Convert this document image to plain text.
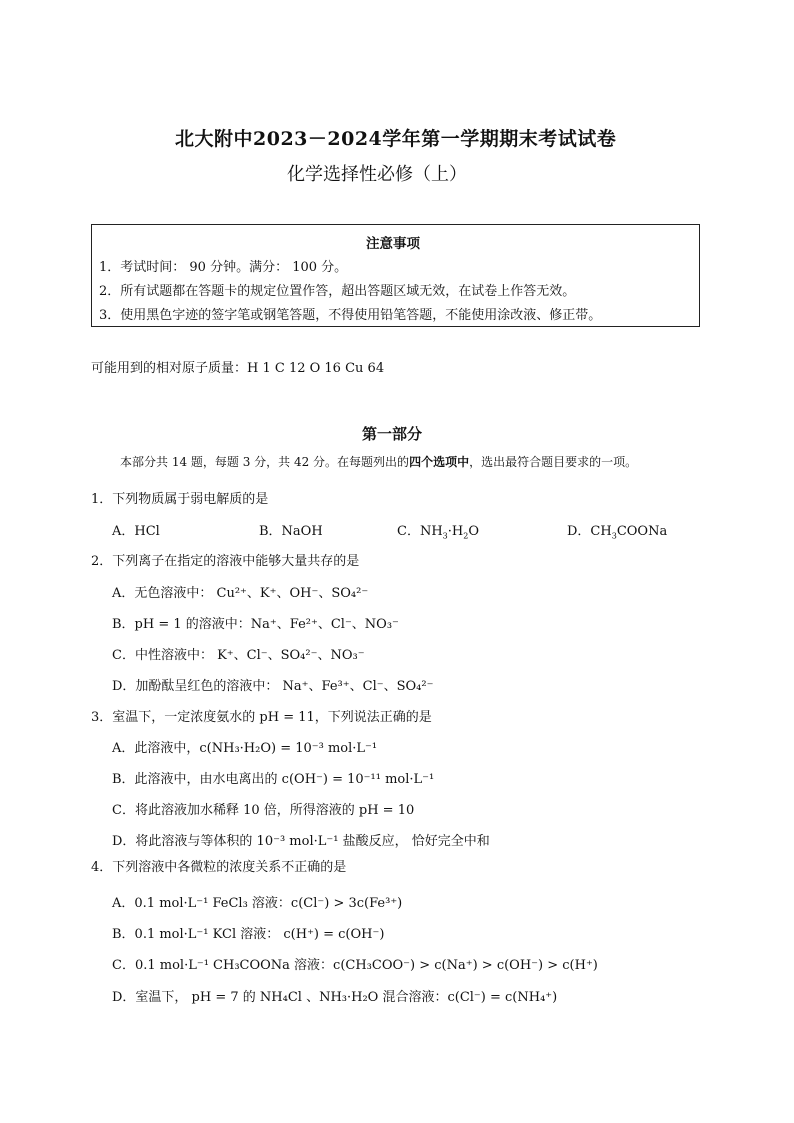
北大附中2023－2024学年第一学期期末考试试卷
化学选择性必修（上）
注意事项
1．考试时间： 90 分钟。满分： 100 分。
2．所有试题都在答题卡的规定位置作答，超出答题区域无效，在试卷上作答无效。
3．使用黑色字迹的签字笔或钢笔答题，不得使用铅笔答题，不能使用涂改液、修正带。
可能用到的相对原子质量：H 1 C 12 O 16 Cu 64
第一部分
本部分共 14 题，每题 3 分，共 42 分。在每题列出的四个选项中，选出最符合题目要求的一项。
1．下列物质属于弱电解质的是
A．HCl	B．NaOH	C．$NH_3\cdot H_2O$	D．$CH_3COONa$
2．下列离子在指定的溶液中能够大量共存的是
A．无色溶液中： Cu²⁺、K⁺、OH⁻、SO₄²⁻
B．pH = 1 的溶液中：Na⁺、Fe²⁺、Cl⁻、NO₃⁻
C．中性溶液中： K⁺、Cl⁻、SO₄²⁻、NO₃⁻
D．加酚酞呈红色的溶液中： Na⁺、Fe³⁺、Cl⁻、SO₄²⁻
3．室温下，一定浓度氨水的 pH = 11，下列说法正确的是
A．此溶液中，c(NH₃·H₂O) = 10⁻³ mol·L⁻¹
B．此溶液中，由水电离出的 c(OH⁻) = 10⁻¹¹ mol·L⁻¹
C．将此溶液加水稀释 10 倍，所得溶液的 pH = 10
D．将此溶液与等体积的 10⁻³ mol·L⁻¹ 盐酸反应， 恰好完全中和
4．下列溶液中各微粒的浓度关系不正确的是
A．0.1 mol·L⁻¹ FeCl₃ 溶液：c(Cl⁻) > 3c(Fe³⁺)
B．0.1 mol·L⁻¹ KCl 溶液： c(H⁺) = c(OH⁻)
C．0.1 mol·L⁻¹ CH₃COONa 溶液：c(CH₃COO⁻) > c(Na⁺) > c(OH⁻) > c(H⁺)
D．室温下， pH = 7 的 NH₄Cl 、NH₃·H₂O 混合溶液：c(Cl⁻) = c(NH₄⁺)
